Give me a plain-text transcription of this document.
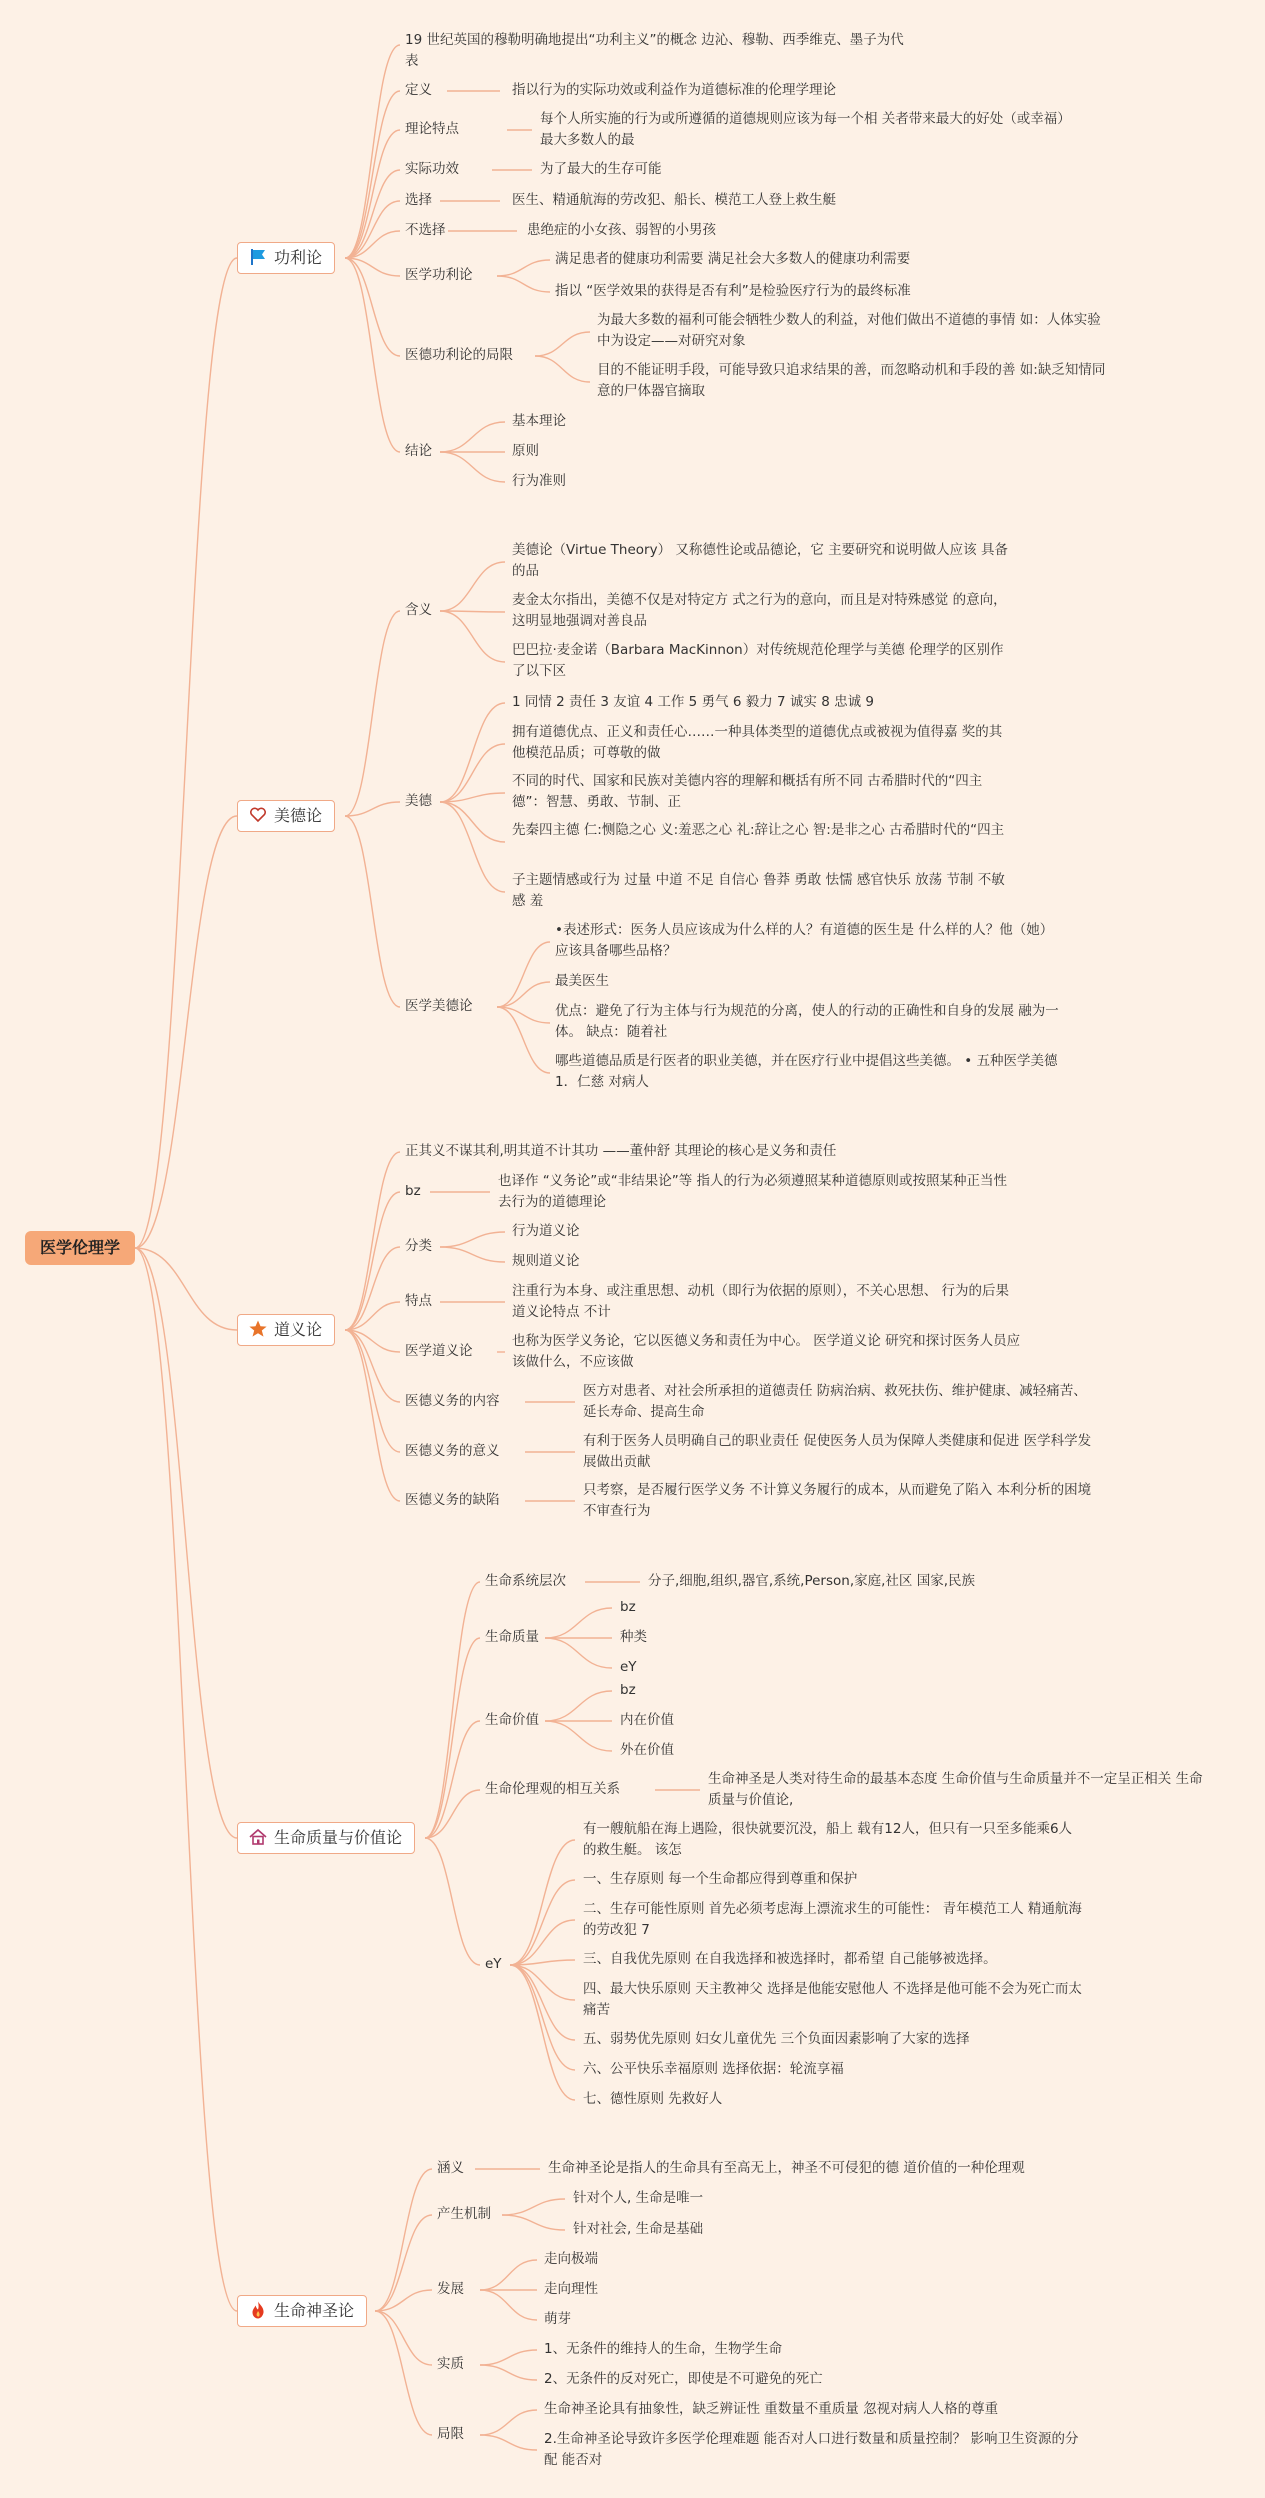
医学伦理学
功利论
美德论
道义论
生命质量与价值论
生命神圣论
19 世纪英国的穆勒明确地提出“功利主义”的概念 边沁、穆勒、西季维克、墨子为代表
定义	指以行为的实际功效或利益作为道德标准的伦理学理论
理论特点
每个人所实施的行为或所遵循的道德规则应该为每一个相 关者带来最大的好处（或幸福） 最大多数人的最
实际功效	为了最大的生存可能
选择	医生、精通航海的劳改犯、船长、模范工人登上救生艇
不选择	患绝症的小女孩、弱智的小男孩
医学功利论
满足患者的健康功利需要 满足社会大多数人的健康功利需要
指以 “医学效果的获得是否有利”是检验医疗行为的最终标准
医德功利论的局限
为最大多数的福利可能会牺牲少数人的利益，对他们做出不道德的事情 如：人体实验中为设定——对研究对象
目的不能证明手段，可能导致只追求结果的善，而忽略动机和手段的善 如:缺乏知情同意的尸体器官摘取
结论
基本理论
原则
行为准则
含义
美德论（Virtue Theory） 又称德性论或品德论，它 主要研究和说明做人应该 具备的品
麦金太尔指出，美德不仅是对特定方 式之行为的意向，而且是对特殊感觉 的意向，这明显地强调对善良品
巴巴拉·麦金诺（Barbara MacKinnon）对传统规范伦理学与美德 伦理学的区别作了以下区
美德
1 同情 2 责任 3 友谊 4 工作 5 勇气 6 毅力 7 诚实 8 忠诚 9
拥有道德优点、正义和责任心……一种具体类型的道德优点或被视为值得嘉 奖的其他模范品质；可尊敬的做
不同的时代、国家和民族对美德内容的理解和概括有所不同 古希腊时代的“四主德”：智慧、勇敢、节制、正
先秦四主德 仁:恻隐之心 义:羞恶之心 礼:辞让之心 智:是非之心 古希腊时代的“四主
子主题情感或行为 过量 中道 不足 自信心 鲁莽 勇敢 怯懦 感官快乐 放荡 节制 不敏感 羞
医学美德论
•表述形式：医务人员应该成为什么样的人？有道德的医生是 什么样的人？他（她）应该具备哪些品格？
最美医生
优点：避免了行为主体与行为规范的分离，使人的行动的正确性和自身的发展 融为一体。 缺点：随着社
哪些道德品质是行医者的职业美德，并在医疗行业中提倡这些美德。 • 五种医学美德 1．仁慈 对病人
正其义不谋其利,明其道不计其功 ——董仲舒 其理论的核心是义务和责任
bz
也译作 “义务论”或“非结果论”等 指人的行为必须遵照某种道德原则或按照某种正当性去行为的道德理论
分类
行为道义论
规则道义论
特点
注重行为本身、或注重思想、动机（即行为依据的原则），不关心思想、 行为的后果 道义论特点 不计
医学道义论
也称为医学义务论，它以医德义务和责任为中心。 医学道义论 研究和探讨医务人员应该做什么，不应该做
医德义务的内容
医方对患者、对社会所承担的道德责任 防病治病、救死扶伤、维护健康、减轻痛苦、延长寿命、提高生命
医德义务的意义
有利于医务人员明确自己的职业责任 促使医务人员为保障人类健康和促进 医学科学发展做出贡献
医德义务的缺陷
只考察，是否履行医学义务 不计算义务履行的成本，从而避免了陷入 本利分析的困境 不审查行为
生命系统层次	分子,细胞,组织,器官,系统,Person,家庭,社区 国家,民族
生命质量
bz
种类
eY
生命价值
bz
内在价值
外在价值
生命伦理观的相互关系
生命神圣是人类对待生命的最基本态度 生命价值与生命质量并不一定呈正相关 生命质量与价值论,
eY
有一艘航船在海上遇险，很快就要沉没，船上 载有12人，但只有一只至多能乘6人的救生艇。 该怎
一、生存原则 每一个生命都应得到尊重和保护
二、生存可能性原则 首先必须考虑海上漂流求生的可能性： 青年模范工人 精通航海的劳改犯 7
三、自我优先原则 在自我选择和被选择时，都希望 自己能够被选择。
四、最大快乐原则 天主教神父 选择是他能安慰他人 不选择是他可能不会为死亡而太痛苦
五、弱势优先原则 妇女儿童优先 三个负面因素影响了大家的选择
六、公平快乐幸福原则 选择依据：轮流享福
七、德性原则 先救好人
涵义	生命神圣论是指人的生命具有至高无上，神圣不可侵犯的德 道价值的一种伦理观
产生机制
针对个人, 生命是唯一
针对社会, 生命是基础
发展
走向极端
走向理性
萌芽
实质
1、无条件的维持人的生命，生物学生命
2、无条件的反对死亡，即使是不可避免的死亡
局限
生命神圣论具有抽象性，缺乏辨证性 重数量不重质量 忽视对病人人格的尊重
2.生命神圣论导致许多医学伦理难题 能否对人口进行数量和质量控制？ 影响卫生资源的分配 能否对
